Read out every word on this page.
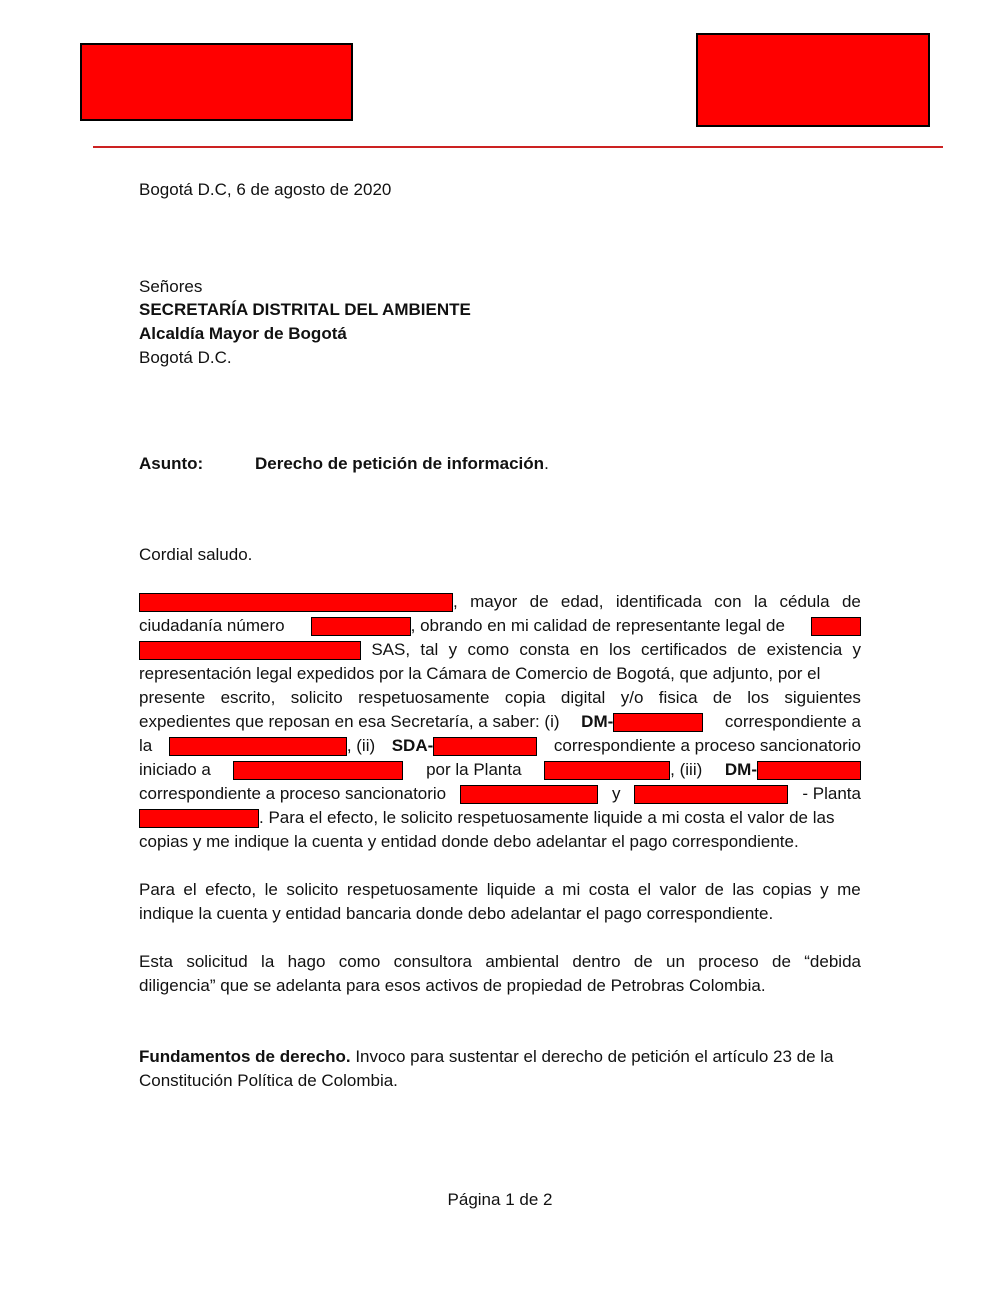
Bogotá D.C, 6 de agosto de 2020
Señores
SECRETARÍA DISTRITAL DEL AMBIENTE
Alcaldía Mayor de Bogotá
Bogotá D.C.
Asunto:	Derecho de petición de información.
Cordial saludo.
, mayor de edad, identificada con la cédula de
ciudadanía número	, obrando en mi calidad de representante legal de
SAS, tal y como consta en los certificados de existencia y
representación legal expedidos por la Cámara de Comercio de Bogotá, que adjunto, por el
presente escrito, solicito respetuosamente copia digital y/o fisica de los siguientes
expedientes que reposan en esa Secretaría, a saber: (i) DM-	correspondiente a
la	, (ii) SDA-	correspondiente a proceso sancionatorio
iniciado a	por la Planta	, (iii) DM-
correspondiente a proceso sancionatorio	y	- Planta
. Para el efecto, le solicito respetuosamente liquide a mi costa el valor de las
copias y me indique la cuenta y entidad donde debo adelantar el pago correspondiente.
Para el efecto, le solicito respetuosamente liquide a mi costa el valor de las copias y me
indique la cuenta y entidad bancaria donde debo adelantar el pago correspondiente.
Esta solicitud la hago como consultora ambiental dentro de un proceso de “debida
diligencia” que se adelanta para esos activos de propiedad de Petrobras Colombia.
Fundamentos de derecho. Invoco para sustentar el derecho de petición el artículo 23 de la
Constitución Política de Colombia.
Página 1 de 2
